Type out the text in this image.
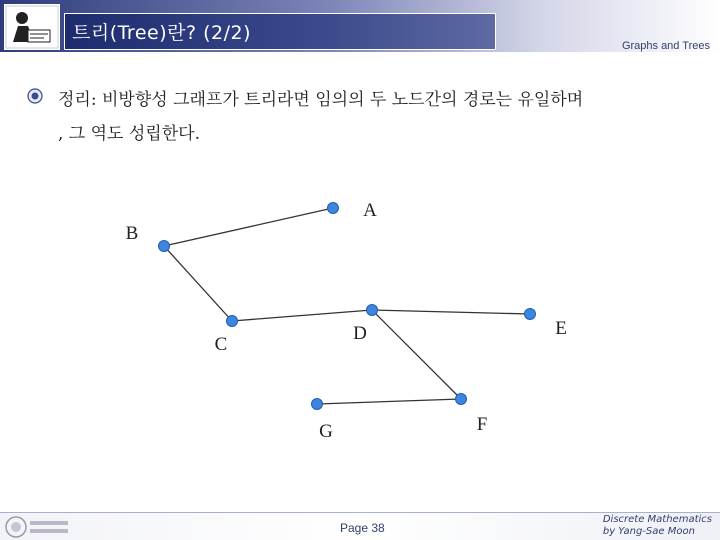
트리(Tree)란? (2/2)
Graphs and Trees
정리: 비방향성 그래프가 트리라면 임의의 두 노드간의 경로는 유일하며
, 그 역도 성립한다.
A
B
C
D	E
F
G
Page 38
Discrete Mathematics
by Yang-Sae Moon
